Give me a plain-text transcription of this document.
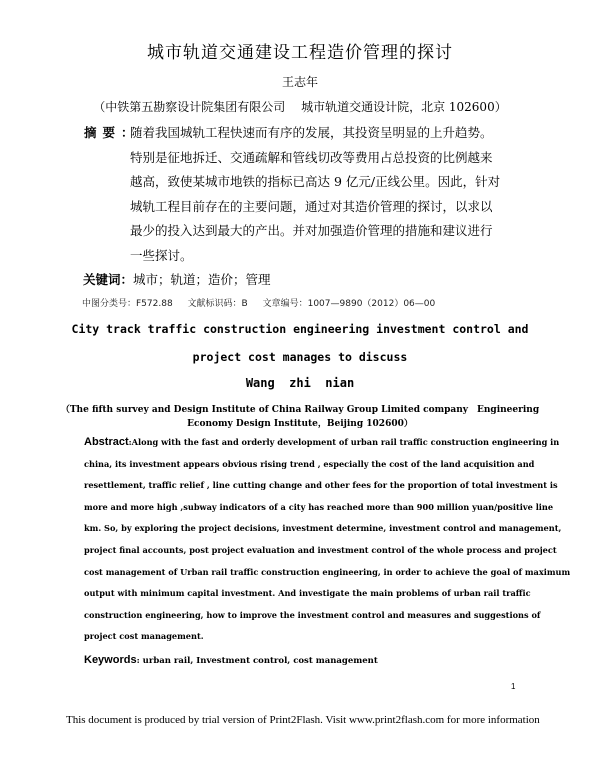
城市轨道交通建设工程造价管理的探讨
王志年
（中铁第五勘察设计院集团有限公司　 城市轨道交通设计院，北京 102600）
摘要：
随着我国城轨工程快速而有序的发展，其投资呈明显的上升趋势。
特别是征地拆迁、交通疏解和管线切改等费用占总投资的比例越来
越高，致使某城市地铁的指标已高达 9 亿元/正线公里。因此，针对
城轨工程目前存在的主要问题，通过对其造价管理的探讨，以求以
最少的投入达到最大的产出。并对加强造价管理的措施和建议进行
一些探讨。
关键词：城市；轨道；造价；管理
中图分类号：F572.88 文献标识码：B 文章编号：1007—9890（2012）06—00
City track traffic construction engineering investment control and
project cost manages to discuss
Wang  zhi  nian
（The fifth survey and Design Institute of China Railway Group Limited company　Engineering
Economy Design Institute，Beijing 102600）
Abstract:Along with the fast and orderly development of urban rail traffic construction engineering in
china, its investment appears obvious rising trend , especially the cost of the land acquisition and
resettlement, traffic relief , line cutting change and other fees for the proportion of total investment is
more and more high ,subway indicators of a city has reached more than 900 million yuan/positive line
km. So, by exploring the project decisions, investment determine, investment control and management,
project final accounts, post project evaluation and investment control of the whole process and project
cost management of Urban rail traffic construction engineering, in order to achieve the goal of maximum
output with minimum capital investment. And investigate the main problems of urban rail traffic
construction engineering, how to improve the investment control and measures and suggestions of
project cost management.
Keywords: urban rail, Investment control, cost management
1
This document is produced by trial version of Print2Flash. Visit www.print2flash.com for more information
